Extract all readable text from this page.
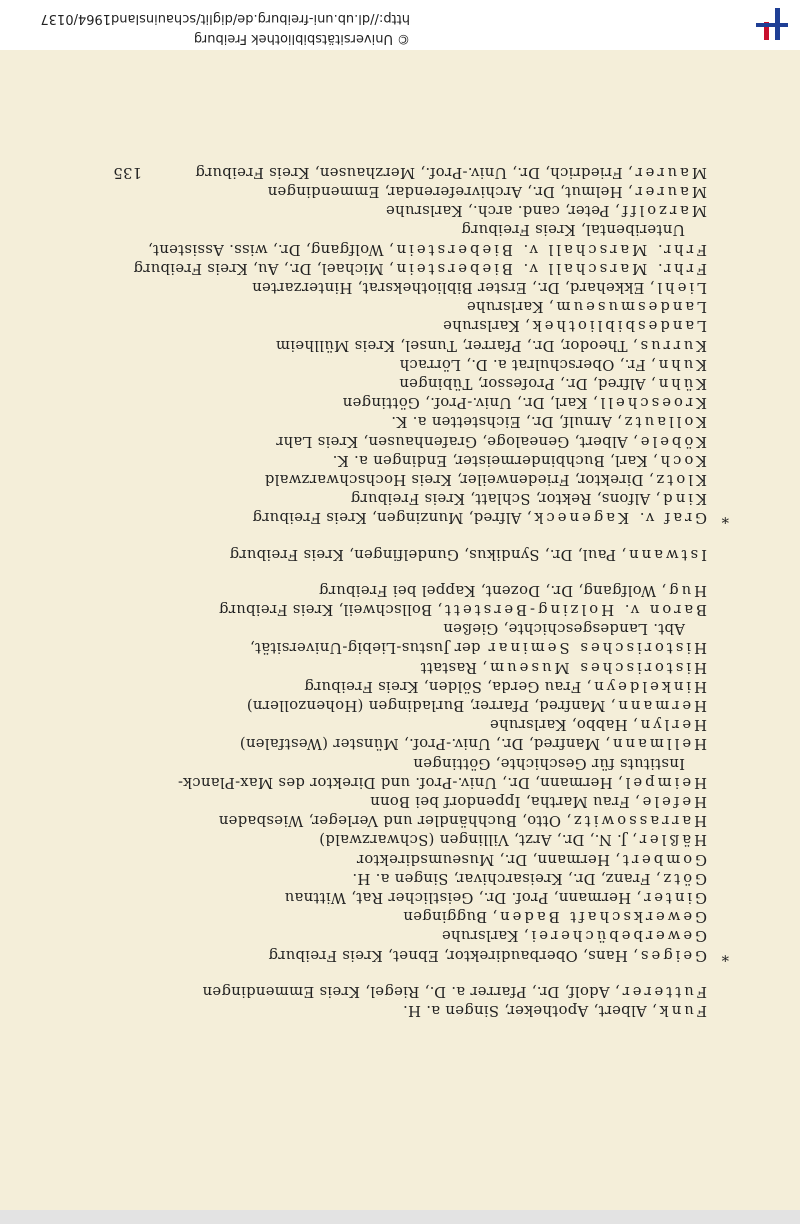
Funk, Albert, Apotheker, Singen a. H.
Futterer, Adolf, Dr., Pfarrer a. D., Riegel, Kreis Emmendingen
*
Geiges, Hans, Oberbaudirektor, Ebnet, Kreis Freiburg
Gewerbebücherei, Karlsruhe
Gewerkschaft Baden, Buggingen
Ginter, Hermann, Prof. Dr., Geistlicher Rat, Wittnau
Götz, Franz, Dr., Kreisarchivar, Singen a. H.
Gombert, Hermann, Dr., Museumsdirektor
Häßler, J. N., Dr., Arzt, Villingen (Schwarzwald)
Harrassowitz, Otto, Buchhändler und Verleger, Wiesbaden
Hefele, Frau Martha, Ippendorf bei Bonn
Heimpel, Hermann, Dr., Univ.-Prof. und Direktor des Max-Planck-
Instituts für Geschichte, Göttingen
Hellmann, Manfred, Dr., Univ.-Prof., Münster (Westfalen)
Herlyn, Habbo, Karlsruhe
Hermann, Manfred, Pfarrer, Burladingen (Hohenzollern)
Hinkeldeyn, Frau Gerda, Sölden, Kreis Freiburg
Historisches Museum, Rastatt
Historisches Seminar der Justus-Liebig-Universität,
Abt. Landesgeschichte, Gießen
Baron v. Holzing-Berstett, Bollschweil, Kreis Freiburg
Hug, Wolfgang, Dr., Dozent, Kappel bei Freiburg
Istwann, Paul, Dr., Syndikus, Gundelfingen, Kreis Freiburg
*
Graf v. Kageneck, Alfred, Munzingen, Kreis Freiburg
Kind, Alfons, Rektor, Schlatt, Kreis Freiburg
Klotz, Direktor, Friedenweiler, Kreis Hochschwarzwald
Koch, Karl, Buchbindermeister, Endingen a. K.
Köbele, Albert, Genealoge, Grafenhausen, Kreis Lahr
Kollautz, Arnulf, Dr., Eichstetten a. K.
Kroeschell, Karl, Dr., Univ.-Prof., Göttingen
Kühn, Alfred, Dr., Professor, Tübingen
Kuhn, Fr., Oberschulrat a. D., Lörrach
Kurrus, Theodor, Dr., Pfarrer, Tunsel, Kreis Müllheim
Landesbibliothek, Karlsruhe
Landesmuseum, Karlsruhe
Liehl, Ekkehard, Dr., Erster Bibliotheksrat, Hinterzarten
Frhr. Marschall v. Bieberstein, Michael, Dr., Au, Kreis Freiburg
Frhr. Marschall v. Bieberstein, Wolfgang, Dr., wiss. Assistent,
Unteribental, Kreis Freiburg
Marzolff, Peter, cand. arch., Karlsruhe
Maurer, Helmut, Dr., Archivreferendar, Emmendingen
Maurer, Friedrich, Dr., Univ.-Prof., Merzhausen, Kreis Freiburg
135
©Universitätsbibliothek Freiburg
http://dl.ub.uni-freiburg.de/diglit/schauinsland1964/0137
